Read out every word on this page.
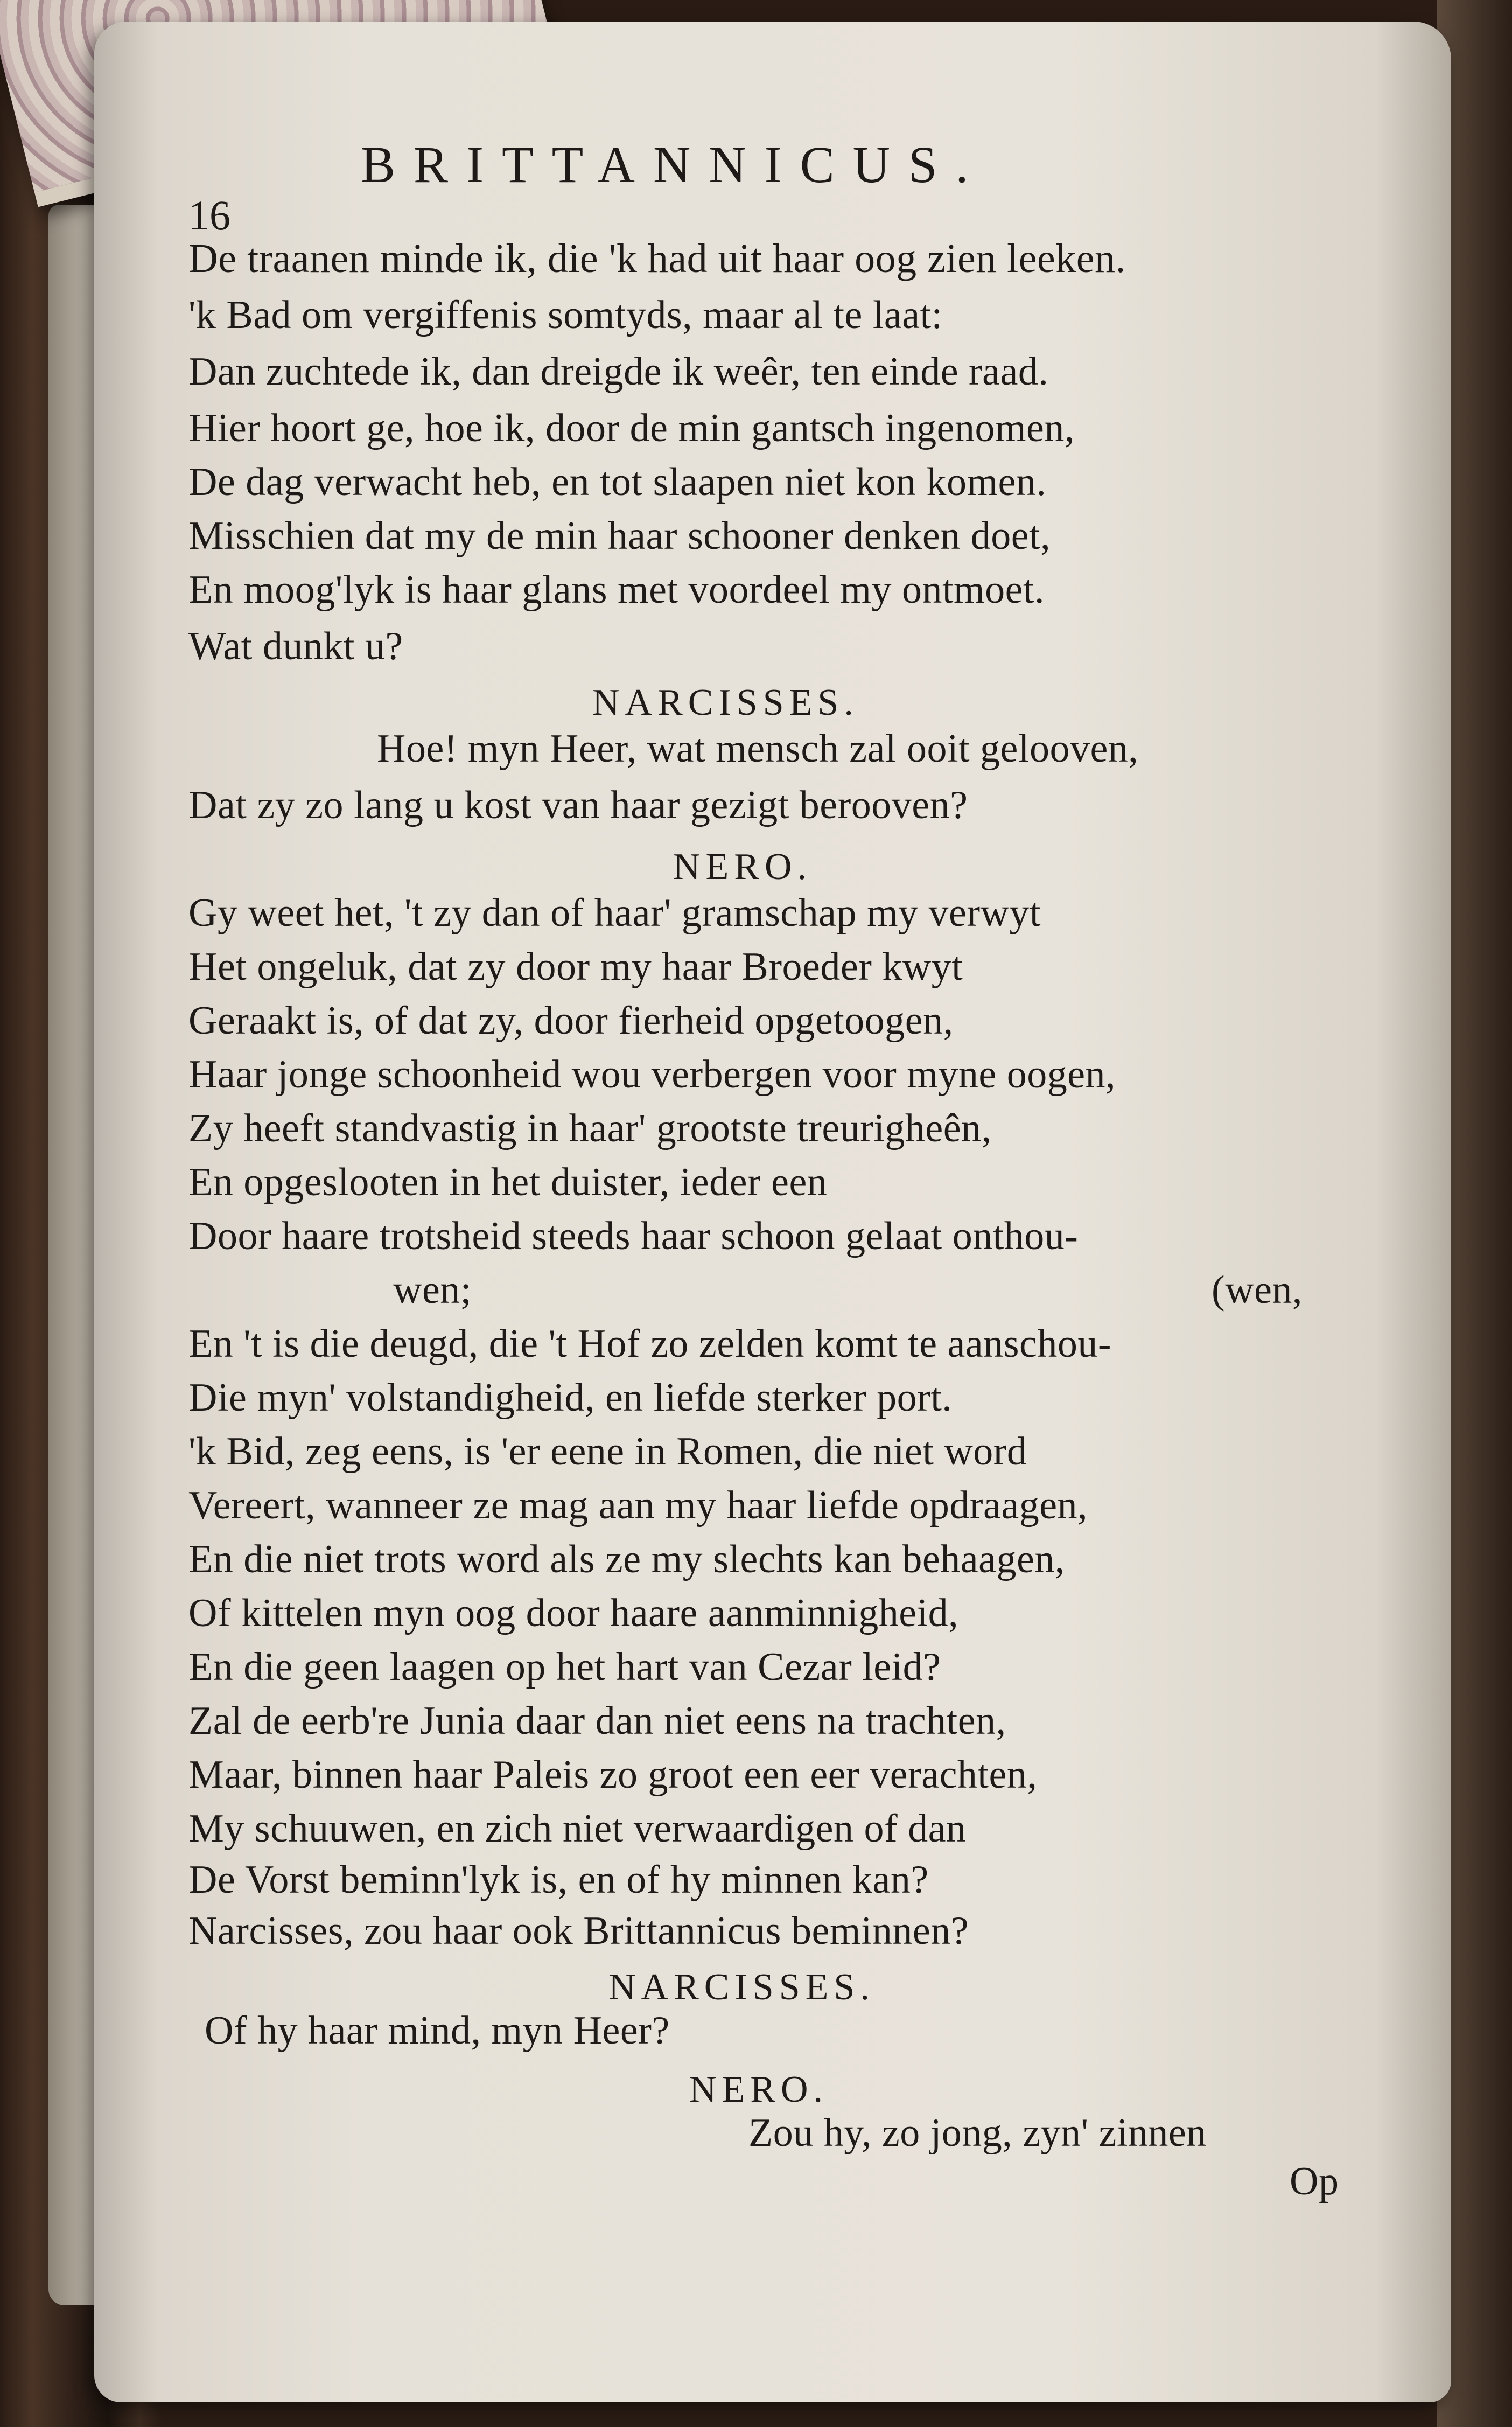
16
BRITTANNICUS.
De traanen minde ik, die 'k had uit haar oog zien leeken.
'k Bad om vergiffenis somtyds, maar al te laat:
Dan zuchtede ik, dan dreigde ik weêr, ten einde raad.
Hier hoort ge, hoe ik, door de min gantsch ingenomen,
De dag verwacht heb, en tot slaapen niet kon komen.
Misschien dat my de min haar schooner denken doet,
En moog'lyk is haar glans met voordeel my ontmoet.
Wat dunkt u?
NARCISSES.
Hoe! myn Heer, wat mensch zal ooit gelooven,
Dat zy zo lang u kost van haar gezigt berooven?
NERO.
Gy weet het, 't zy dan of haar' gramschap my verwyt
Het ongeluk, dat zy door my haar Broeder kwyt
Geraakt is, of dat zy, door fierheid opgetoogen,
Haar jonge schoonheid wou verbergen voor myne oogen,
Zy heeft standvastig in haar' grootste treurigheên,
En opgeslooten in het duister, ieder een
Door haare trotsheid steeds haar schoon gelaat onthou-
wen;	(wen,
En 't is die deugd, die 't Hof zo zelden komt te aanschou-
Die myn' volstandigheid, en liefde sterker port.
'k Bid, zeg eens, is 'er eene in Romen, die niet word
Vereert, wanneer ze mag aan my haar liefde opdraagen,
En die niet trots word als ze my slechts kan behaagen,
Of kittelen myn oog door haare aanminnigheid,
En die geen laagen op het hart van Cezar leid?
Zal de eerb're Junia daar dan niet eens na trachten,
Maar, binnen haar Paleis zo groot een eer verachten,
My schuuwen, en zich niet verwaardigen of dan
De Vorst beminn'lyk is, en of hy minnen kan?
Narcisses, zou haar ook Brittannicus beminnen?
NARCISSES.
Of hy haar mind, myn Heer?
NERO.
Zou hy, zo jong, zyn' zinnen
Op
